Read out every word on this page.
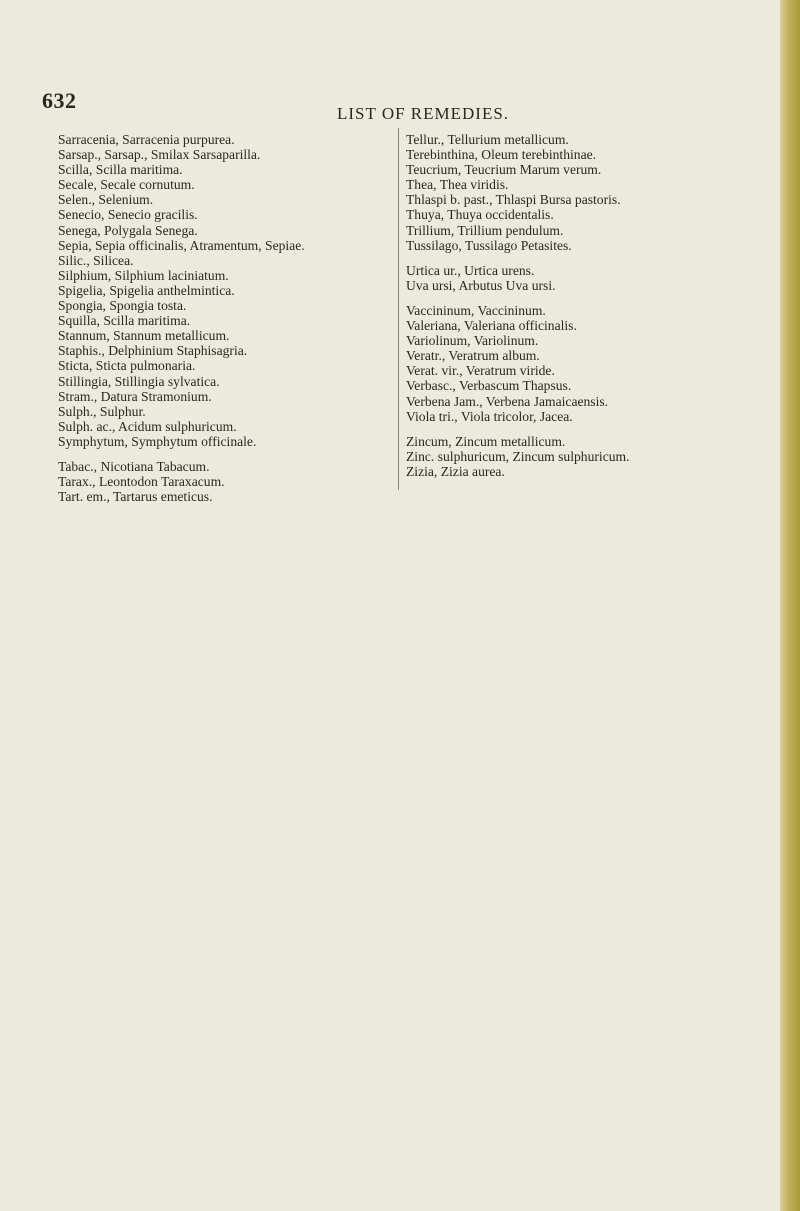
632
LIST OF REMEDIES.
Sarracenia, Sarracenia purpurea.
Sarsap., Sarsap., Smilax Sarsaparilla.
Scilla, Scilla maritima.
Secale, Secale cornutum.
Selen., Selenium.
Senecio, Senecio gracilis.
Senega, Polygala Senega.
Sepia, Sepia officinalis, Atramentum, Sepiae.
Silic., Silicea.
Silphium, Silphium laciniatum.
Spigelia, Spigelia anthelmintica.
Spongia, Spongia tosta.
Squilla, Scilla maritima.
Stannum, Stannum metallicum.
Staphis., Delphinium Staphisagria.
Sticta, Sticta pulmonaria.
Stillingia, Stillingia sylvatica.
Stram., Datura Stramonium.
Sulph., Sulphur.
Sulph. ac., Acidum sulphuricum.
Symphytum, Symphytum officinale.
Tabac., Nicotiana Tabacum.
Tarax., Leontodon Taraxacum.
Tart. em., Tartarus emeticus.
Tellur., Tellurium metallicum.
Terebinthina, Oleum terebinthinae.
Teucrium, Teucrium Marum verum.
Thea, Thea viridis.
Thlaspi b. past., Thlaspi Bursa pastoris.
Thuya, Thuya occidentalis.
Trillium, Trillium pendulum.
Tussilago, Tussilago Petasites.
Urtica ur., Urtica urens.
Uva ursi, Arbutus Uva ursi.
Vaccininum, Vaccininum.
Valeriana, Valeriana officinalis.
Variolinum, Variolinum.
Veratr., Veratrum album.
Verat. vir., Veratrum viride.
Verbasc., Verbascum Thapsus.
Verbena Jam., Verbena Jamaicaensis.
Viola tri., Viola tricolor, Jacea.
Zincum, Zincum metallicum.
Zinc. sulphuricum, Zincum sulphuricum.
Zizia, Zizia aurea.
